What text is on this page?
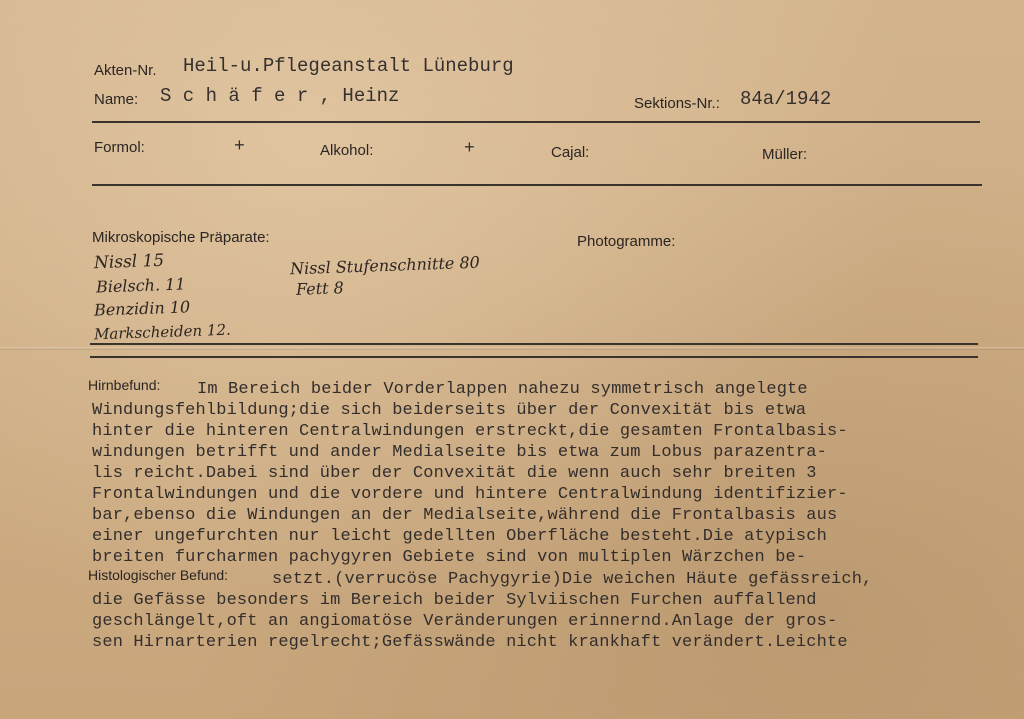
Akten-Nr. Heil-u.Pflegeanstalt Lüneburg
Name: S c h ä f e r , Heinz	Sektions-Nr.: 84a/1942
Formol:	+	Alkohol:	+	Cajal:	Müller:
Mikroskopische Präparate:	Photogramme:
Nissl 15
Bielsch. 11
Benzidin 10
Markscheiden 12.
Nissl Stufenschnitte 80
Fett 8
Hirnbefund:
Histologischer Befund:
Im Bereich beider Vorderlappen nahezu symmetrisch angelegte
Windungsfehlbildung;die sich beiderseits über der Convexität bis etwa
hinter die hinteren Centralwindungen erstreckt,die gesamten Frontalbasis-
windungen betrifft und ander Medialseite bis etwa zum Lobus parazentra-
lis reicht.Dabei sind über der Convexität die wenn auch sehr breiten 3
Frontalwindungen und die vordere und hintere Centralwindung identifizier-
bar,ebenso die Windungen an der Medialseite,während die Frontalbasis aus
einer ungefurchten nur leicht gedellten Oberfläche besteht.Die atypisch
breiten furcharmen pachygyren Gebiete sind von multiplen Wärzchen be-
setzt.(verrucöse Pachygyrie)Die weichen Häute gefässreich,
die Gefässe besonders im Bereich beider Sylviischen Furchen auffallend
geschlängelt,oft an angiomatöse Veränderungen erinnernd.Anlage der gros-
sen Hirnarterien regelrecht;Gefässwände nicht krankhaft verändert.Leichte
